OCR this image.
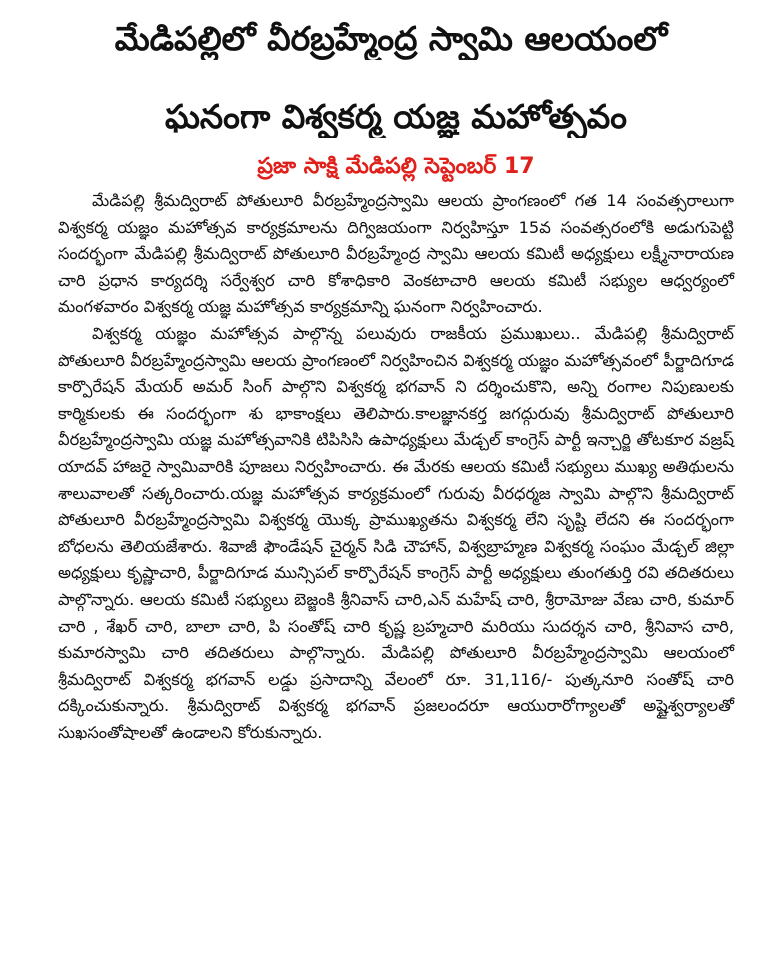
మేడిపల్లిలో వీరబ్రహ్మేంద్ర స్వామి ఆలయంలో
ఘనంగా విశ్వకర్మ యజ్ఞ మహోత్సవం
ప్రజా సాక్షి మేడిపల్లి సెప్టెంబర్ 17

మేడిపల్లి శ్రీమద్విరాట్ పోతులూరి వీరబ్రహ్మేంద్రస్వామి ఆలయ ప్రాంగణంలో గత 14 సంవత్సరాలుగా విశ్వకర్మ యజ్ఞం మహోత్సవ కార్యక్రమాలను దిగ్విజయంగా నిర్వహిస్తూ 15వ సంవత్సరంలోకి అడుగుపెట్టి సందర్భంగా మేడిపల్లి శ్రీమద్విరాట్ పోతులూరి వీరబ్రహ్మేంద్ర స్వామి ఆలయ కమిటీ అధ్యక్షులు లక్ష్మీనారాయణ చారి ప్రధాన కార్యదర్శి సర్వేశ్వర చారి కోశాధికారి వెంకటాచారి ఆలయ కమిటీ సభ్యుల ఆధ్వర్యంలో మంగళవారం విశ్వకర్మ యజ్ఞ మహోత్సవ కార్యక్రమాన్ని ఘనంగా నిర్వహించారు.

విశ్వకర్మ యజ్ఞం మహోత్సవ పాల్గొన్న పలువురు రాజకీయ ప్రముఖులు.. మేడిపల్లి శ్రీమద్విరాట్ పోతులూరి వీరబ్రహ్మేంద్రస్వామి ఆలయ ప్రాంగణంలో నిర్వహించిన విశ్వకర్మ యజ్ఞం మహోత్సవంలో పీర్జాదిగూడ కార్పొరేషన్ మేయర్ అమర్ సింగ్ పాల్గొని విశ్వకర్మ భగవాన్ ని దర్శించుకొని, అన్ని రంగాల నిపుణులకు కార్మికులకు ఈ సందర్భంగా శు భాకాంక్షలు తెలిపారు.కాలజ్ఞానకర్త జగద్గురువు శ్రీమద్విరాట్ పోతులూరి వీరబ్రహ్మేంద్రస్వామి యజ్ఞ మహోత్సవానికి టిపిసిసి ఉపాధ్యక్షులు మేడ్చల్ కాంగ్రెస్ పార్టీ ఇన్చార్జి తోటకూర వజ్రష్ యాదవ్ హాజరై స్వామివారికి పూజలు నిర్వహించారు. ఈ మేరకు ఆలయ కమిటీ సభ్యులు ముఖ్య అతిథులను శాలువాలతో సత్కరించారు.యజ్ఞ మహోత్సవ కార్యక్రమంలో గురువు వీరధర్మజ స్వామి పాల్గొని శ్రీమద్విరాట్ పోతులూరి వీరబ్రహ్మేంద్రస్వామి విశ్వకర్మ యొక్క ప్రాముఖ్యతను విశ్వకర్మ లేని సృష్టి లేదని ఈ సందర్భంగా బోధలను తెలియజేశారు. శివాజీ ఫౌండేషన్ చైర్మన్ సిడి చౌహాన్, విశ్వబ్రాహ్మణ విశ్వకర్మ సంఘం మేడ్చల్ జిల్లా అధ్యక్షులు కృష్ణాచారి, పీర్జాదిగూడ మున్సిపల్ కార్పొరేషన్ కాంగ్రెస్ పార్టీ అధ్యక్షులు తుంగతుర్తి రవి తదితరులు పాల్గొన్నారు. ఆలయ కమిటీ సభ్యులు బెజ్జంకి శ్రీనివాస్ చారి,ఎన్ మహేష్ చారి, శ్రీరామోజు వేణు చారి, కుమార్ చారి , శేఖర్ చారి, బాలా చారి, పి సంతోష్ చారి కృష్ణ బ్రహ్మచారి మరియు సుదర్శన చారి, శ్రీనివాస చారి, కుమారస్వామి చారి తదితరులు పాల్గొన్నారు. మేడిపల్లి పోతులూరి వీరబ్రహ్మేంద్రస్వామి ఆలయంలో శ్రీమద్విరాట్ విశ్వకర్మ భగవాన్ లడ్డు ప్రసాదాన్ని వేలంలో రూ. 31,116/- పుత్కనూరి సంతోష్ చారి దక్కించుకున్నారు. శ్రీమద్విరాట్ విశ్వకర్మ భగవాన్ ప్రజలందరూ ఆయురారోగ్యాలతో అష్టైశ్వర్యాలతో సుఖసంతోషాలతో ఉండాలని కోరుకున్నారు.
